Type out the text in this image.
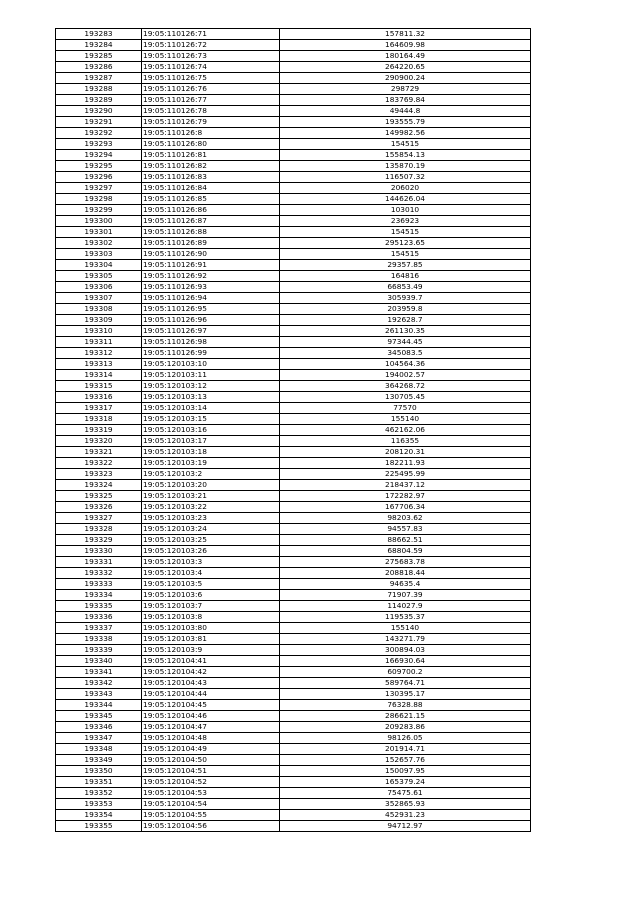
193283	19:05:110126:71	157811.32
193284	19:05:110126:72	164609.98
193285	19:05:110126:73	180164.49
193286	19:05:110126:74	264220.65
193287	19:05:110126:75	290900.24
193288	19:05:110126:76	298729
193289	19:05:110126:77	183769.84
193290	19:05:110126:78	49444.8
193291	19:05:110126:79	193555.79
193292	19:05:110126:8	149982.56
193293	19:05:110126:80	154515
193294	19:05:110126:81	155854.13
193295	19:05:110126:82	135870.19
193296	19:05:110126:83	116507.32
193297	19:05:110126:84	206020
193298	19:05:110126:85	144626.04
193299	19:05:110126:86	103010
193300	19:05:110126:87	236923
193301	19:05:110126:88	154515
193302	19:05:110126:89	295123.65
193303	19:05:110126:90	154515
193304	19:05:110126:91	29357.85
193305	19:05:110126:92	164816
193306	19:05:110126:93	66853.49
193307	19:05:110126:94	305939.7
193308	19:05:110126:95	203959.8
193309	19:05:110126:96	192628.7
193310	19:05:110126:97	261130.35
193311	19:05:110126:98	97344.45
193312	19:05:110126:99	345083.5
193313	19:05:120103:10	104564.36
193314	19:05:120103:11	194002.57
193315	19:05:120103:12	364268.72
193316	19:05:120103:13	130705.45
193317	19:05:120103:14	77570
193318	19:05:120103:15	155140
193319	19:05:120103:16	462162.06
193320	19:05:120103:17	116355
193321	19:05:120103:18	208120.31
193322	19:05:120103:19	182211.93
193323	19:05:120103:2	225495.99
193324	19:05:120103:20	218437.12
193325	19:05:120103:21	172282.97
193326	19:05:120103:22	167706.34
193327	19:05:120103:23	98203.62
193328	19:05:120103:24	94557.83
193329	19:05:120103:25	88662.51
193330	19:05:120103:26	68804.59
193331	19:05:120103:3	275683.78
193332	19:05:120103:4	208818.44
193333	19:05:120103:5	94635.4
193334	19:05:120103:6	71907.39
193335	19:05:120103:7	114027.9
193336	19:05:120103:8	119535.37
193337	19:05:120103:80	155140
193338	19:05:120103:81	143271.79
193339	19:05:120103:9	300894.03
193340	19:05:120104:41	166930.64
193341	19:05:120104:42	609700.2
193342	19:05:120104:43	589764.71
193343	19:05:120104:44	130395.17
193344	19:05:120104:45	76328.88
193345	19:05:120104:46	286621.15
193346	19:05:120104:47	209283.86
193347	19:05:120104:48	98126.05
193348	19:05:120104:49	201914.71
193349	19:05:120104:50	152657.76
193350	19:05:120104:51	150097.95
193351	19:05:120104:52	165379.24
193352	19:05:120104:53	75475.61
193353	19:05:120104:54	352865.93
193354	19:05:120104:55	452931.23
193355	19:05:120104:56	94712.97
